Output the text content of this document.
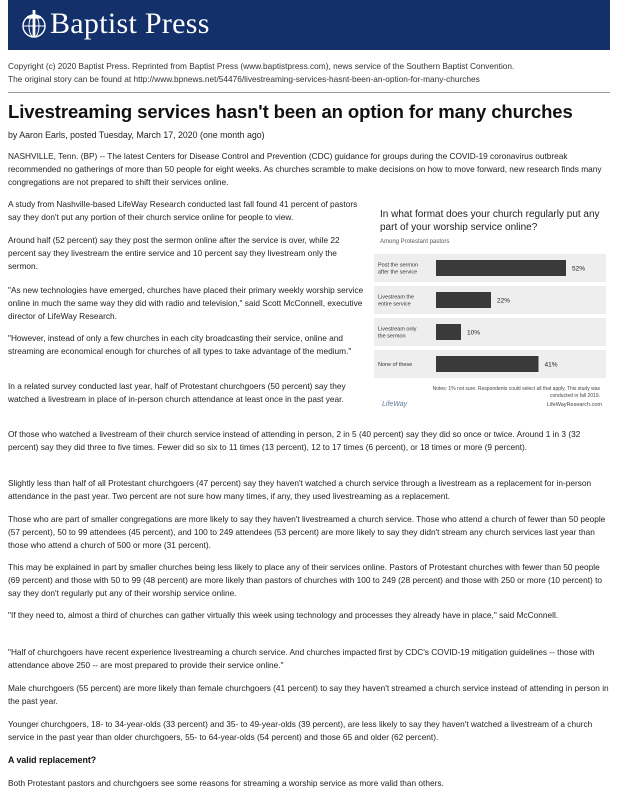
Baptist Press
Copyright (c) 2020 Baptist Press. Reprinted from Baptist Press (www.baptistpress.com), news service of the Southern Baptist Convention.
The original story can be found at http://www.bpnews.net/54476/livestreaming-services-hasnt-been-an-option-for-many-churches
Livestreaming services hasn't been an option for many churches
by Aaron Earls, posted Tuesday, March 17, 2020 (one month ago)

NASHVILLE, Tenn. (BP) -- The latest Centers for Disease Control and Prevention (CDC) guidance for groups during the COVID-19 coronavirus outbreak recommended no gatherings of more than 50 people for eight weeks. As churches scramble to make decisions on how to move forward, new research finds many congregations are not prepared to shift their services online.

A study from Nashville-based LifeWay Research conducted last fall found 41 percent of pastors say they don't put any portion of their church service online for people to view.

Around half (52 percent) say they post the sermon online after the service is over, while 22 percent say they livestream the entire service and 10 percent say they livestream only the sermon.

"As new technologies have emerged, churches have placed their primary weekly worship service online in much the same way they did with radio and television," said Scott McConnell, executive director of LifeWay Research.

"However, instead of only a few churches in each city broadcasting their service, online and streaming are economical enough for churches of all types to take advantage of the medium."

In a related survey conducted last year, half of Protestant churchgoers (50 percent) say they watched a livestream in place of in-person church attendance at least once in the past year.

Of those who watched a livestream of their church service instead of attending in person, 2 in 5 (40 percent) say they did so once or twice. Around 1 in 3 (32 percent) say they did three to five times. Fewer did so six to 11 times (13 percent), 12 to 17 times (6 percent), or 18 times or more (9 percent).

Slightly less than half of all Protestant churchgoers (47 percent) say they haven't watched a church service through a livestream as a replacement for in-person attendance in the past year. Two percent are not sure how many times, if any, they used livestreaming as a replacement.

Those who are part of smaller congregations are more likely to say they haven't livestreamed a church service. Those who attend a church of fewer than 50 people (57 percent), 50 to 99 attendees (45 percent), and 100 to 249 attendees (53 percent) are more likely to say they didn't stream any church services last year than those who attend a church of 500 or more (31 percent).

This may be explained in part by smaller churches being less likely to place any of their services online. Pastors of Protestant churches with fewer than 50 people (69 percent) and those with 50 to 99 (48 percent) are more likely than pastors of churches with 100 to 249 (28 percent) and those with 250 or more (10 percent) to say they don't regularly put any of their worship service online.

"If they need to, almost a third of churches can gather virtually this week using technology and processes they already have in place," said McConnell.

"Half of churchgoers have recent experience livestreaming a church service. And churches impacted first by CDC's COVID-19 mitigation guidelines -- those with attendance above 250 -- are most prepared to provide their service online."

Male churchgoers (55 percent) are more likely than female churchgoers (41 percent) to say they haven't streamed a church service instead of attending in person in the past year.

Younger churchgoers, 18- to 34-year-olds (33 percent) and 35- to 49-year-olds (39 percent), are less likely to say they haven't watched a livestream of a church service in the past year than older churchgoers, 55- to 64-year-olds (54 percent) and those 65 and older (62 percent).

A valid replacement?

Both Protestant pastors and churchgoers see some reasons for streaming a worship service as more valid than others.

In what format does your church regularly put any part of your worship service online?
Among Protestant pastors
Post the sermon after the service	52%
Livestream the entire service	22%
Livestream only the sermon	10%
None of these	41%
Notes: 1% not sure. Respondents could select all that apply. This study was conducted in fall 2019.
LifeWay	LifeWayResearch.com
